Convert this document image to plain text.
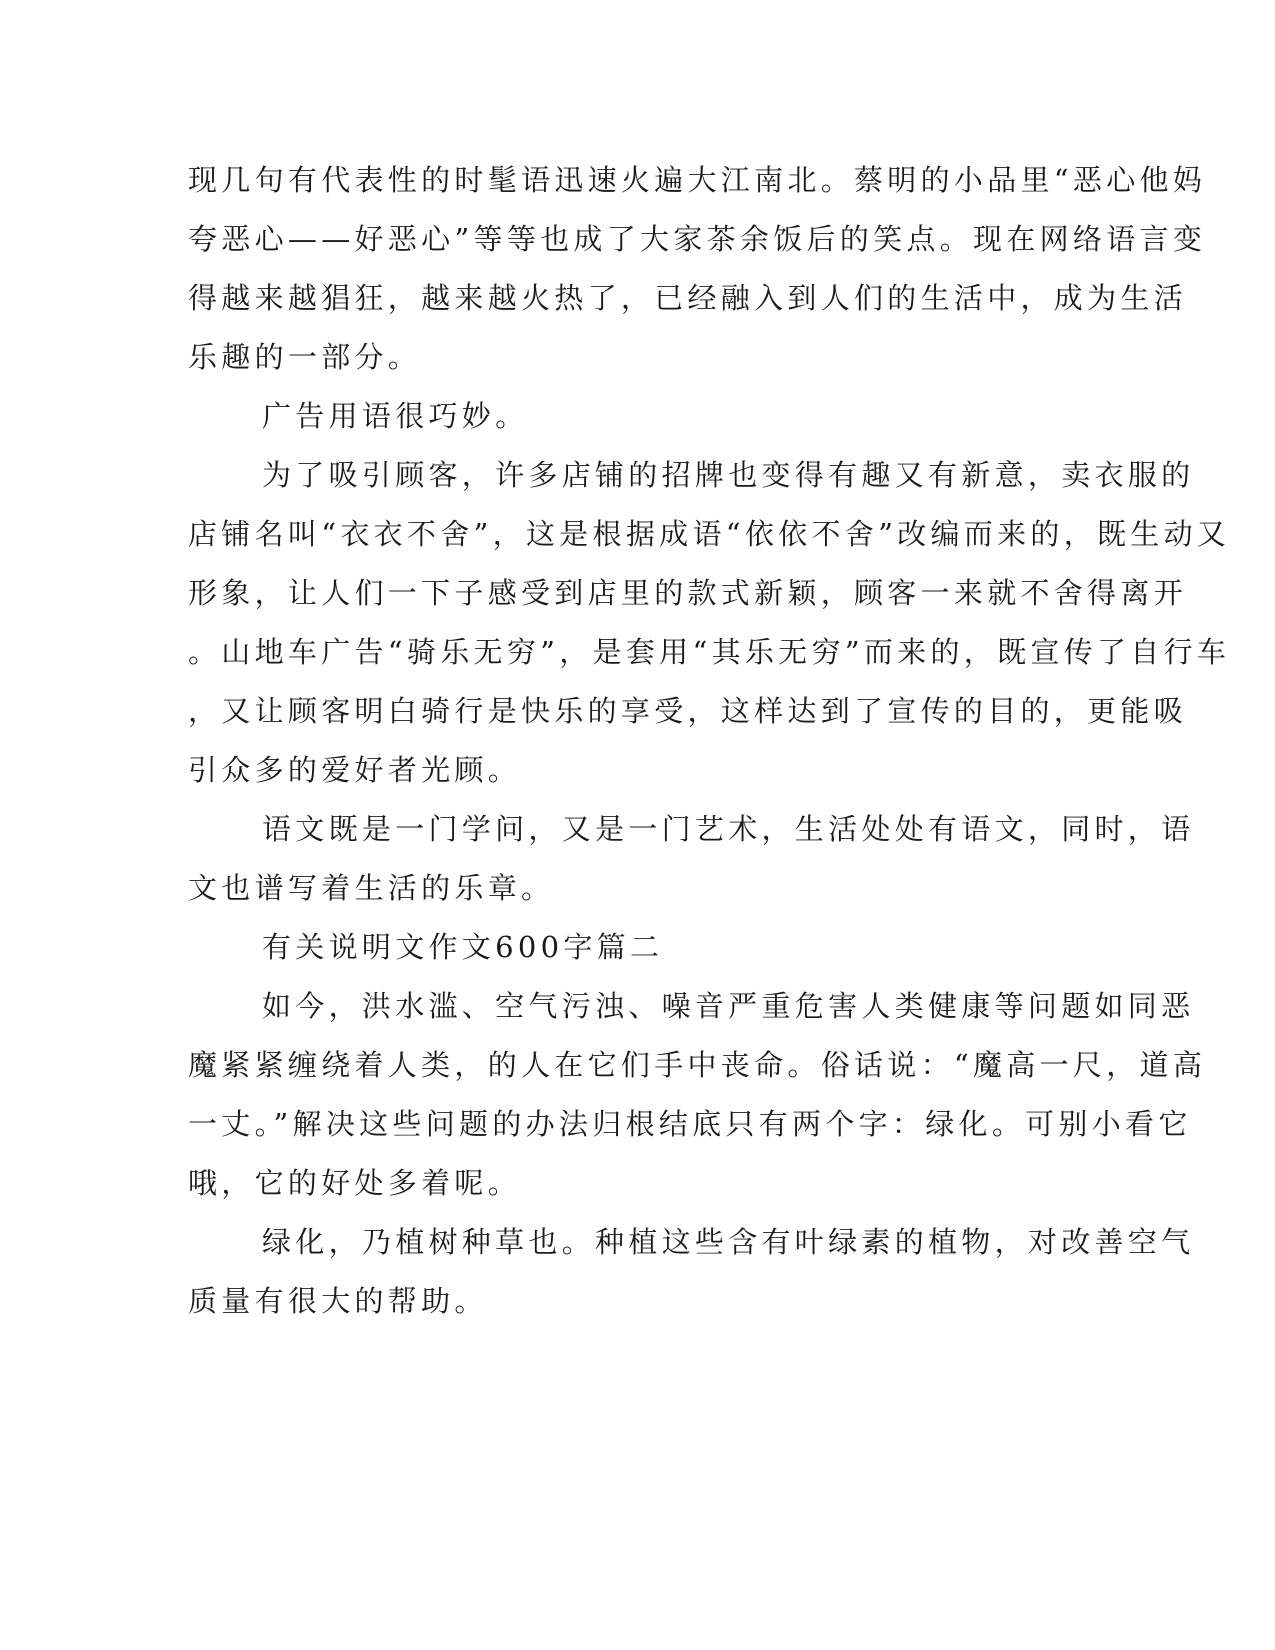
现几句有代表性的时髦语迅速火遍大江南北。蔡明的小品里“恶心他妈
夸恶心——好恶心”等等也成了大家茶余饭后的笑点。现在网络语言变
得越来越猖狂，越来越火热了，已经融入到人们的生活中，成为生活
乐趣的一部分。
广告用语很巧妙。
为了吸引顾客，许多店铺的招牌也变得有趣又有新意，卖衣服的
店铺名叫“衣衣不舍”，这是根据成语“依依不舍”改编而来的，既生动又
形象，让人们一下子感受到店里的款式新颖，顾客一来就不舍得离开
。山地车广告“骑乐无穷”，是套用“其乐无穷”而来的，既宣传了自行车
，又让顾客明白骑行是快乐的享受，这样达到了宣传的目的，更能吸
引众多的爱好者光顾。
语文既是一门学问，又是一门艺术，生活处处有语文，同时，语
文也谱写着生活的乐章。
有关说明文作文600字篇二
如今，洪水滥、空气污浊、噪音严重危害人类健康等问题如同恶
魔紧紧缠绕着人类，的人在它们手中丧命。俗话说：“魔高一尺，道高
一丈。”解决这些问题的办法归根结底只有两个字：绿化。可别小看它
哦，它的好处多着呢。
绿化，乃植树种草也。种植这些含有叶绿素的植物，对改善空气
质量有很大的帮助。
